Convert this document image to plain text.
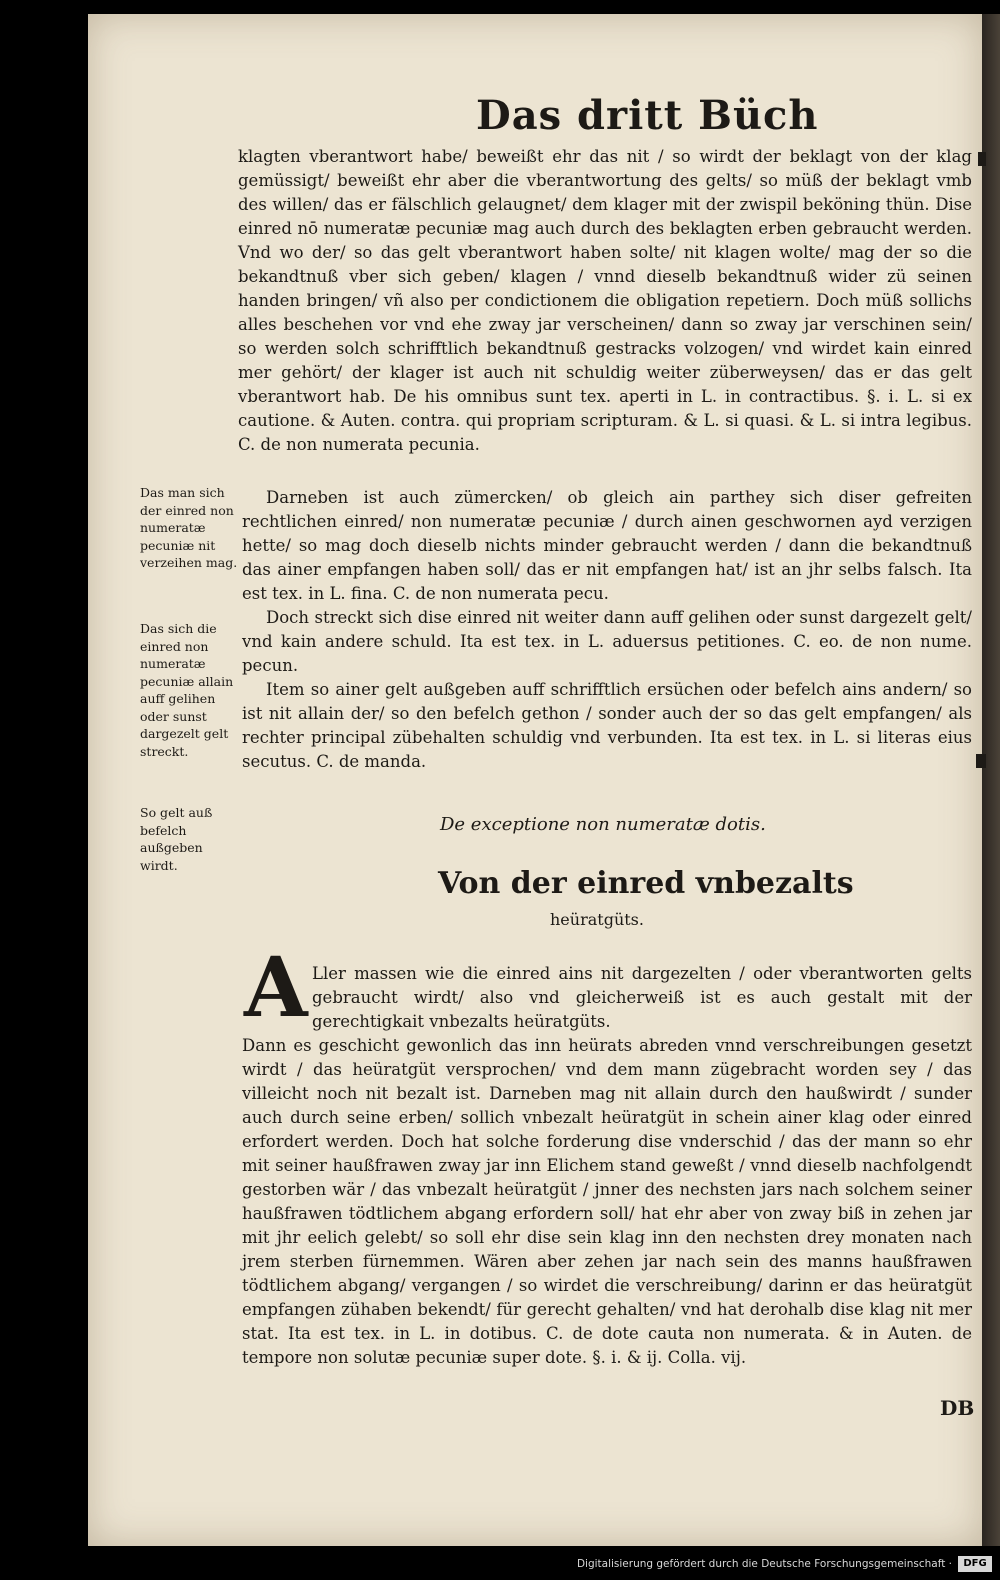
Das dritt Büch

klagten vberantwort habe/ beweißt ehr das nit / so wirdt der beklagt von der klag gemüssigt/ beweißt ehr aber die vberantwortung des gelts/ so müß der beklagt vmb des willen/ das er fälschlich gelaugnet/ dem klager mit der zwispil beköning thün. Dise einred nō numeratæ pecuniæ mag auch durch des beklagten erben gebraucht werden. Vnd wo der/ so das gelt vberantwort haben solte/ nit klagen wolte/ mag der so die bekandtnuß vber sich geben/ klagen / vnnd dieselb bekandtnuß wider zü seinen handen bringen/ vñ also per condictionem die obligation repetiern. Doch müß sollichs alles beschehen vor vnd ehe zway jar verscheinen/ dann so zway jar verschinen sein/ so werden solch schrifftlich bekandtnuß gestracks volzogen/ vnd wirdet kain einred mer gehört/ der klager ist auch nit schuldig weiter züberweysen/ das er das gelt vberantwort hab. De his omnibus sunt tex. aperti in L. in contractibus. §. i. L. si ex cautione. & Auten. contra. qui propriam scripturam. & L. si quasi. & L. si intra legibus. C. de non numerata pecunia.

Das man sich der einred non numeratæ pecuniæ nit verzeihen mag.

Darneben ist auch zümercken/ ob gleich ain parthey sich diser gefreiten rechtlichen einred/ non numeratæ pecuniæ / durch ainen geschwornen ayd verzigen hette/ so mag doch dieselb nichts minder gebraucht werden / dann die bekandtnuß das ainer empfangen haben soll/ das er nit empfangen hat/ ist an jhr selbs falsch. Ita est tex. in L. fina. C. de non numerata pecu.

Das sich die einred non numeratæ pecuniæ allain auff gelihen oder sunst dargezelt gelt streckt.

Doch streckt sich dise einred nit weiter dann auff gelihen oder sunst dargezelt gelt/ vnd kain andere schuld. Ita est tex. in L. aduersus petitiones. C. eo. de non nume. pecun.

Item so ainer gelt außgeben auff schrifftlich ersüchen oder befelch ains andern/ so ist nit allain der/ so den befelch gethon / sonder auch der so das gelt empfangen/ als rechter principal zübehalten schuldig vnd verbunden. Ita est tex. in L. si literas eius secutus. C. de manda.

So gelt auß befelch außgeben wirdt.

De exceptione non numeratæ dotis.
Von der einred vnbezalts
heüratgüts.
A Ller massen wie die einred ains nit dargezelten / oder vberantworten gelts gebraucht wirdt/ also vnd gleicherweiß ist es auch gestalt mit der gerechtigkait vnbezalts heüratgüts.

Dann es geschicht gewonlich das inn heürats abreden vnnd verschreibungen gesetzt wirdt / das heüratgüt versprochen/ vnd dem mann zügebracht worden sey / das villeicht noch nit bezalt ist. Darneben mag nit allain durch den haußwirdt / sunder auch durch seine erben/ sollich vnbezalt heüratgüt in schein ainer klag oder einred erfordert werden. Doch hat solche forderung dise vnderschid / das der mann so ehr mit seiner haußfrawen zway jar inn Elichem stand geweßt / vnnd dieselb nachfolgendt gestorben wär / das vnbezalt heüratgüt / jnner des nechsten jars nach solchem seiner haußfrawen tödtlichem abgang erfordern soll/ hat ehr aber von zway biß in zehen jar mit jhr eelich gelebt/ so soll ehr dise sein klag inn den nechsten drey monaten nach jrem sterben fürnemmen. Wären aber zehen jar nach sein des manns haußfrawen tödtlichem abgang/ vergangen / so wirdet die verschreibung/ darinn er das heüratgüt empfangen zühaben bekendt/ für gerecht gehalten/ vnd hat derohalb dise klag nit mer stat. Ita est tex. in L. in dotibus. C. de dote cauta non numerata. & in Auten. de tempore non solutæ pecuniæ super dote. §. i. & ij. Colla. vij.

DB
Digitalisierung gefördert durch die Deutsche Forschungsgemeinschaft ·	DFG
